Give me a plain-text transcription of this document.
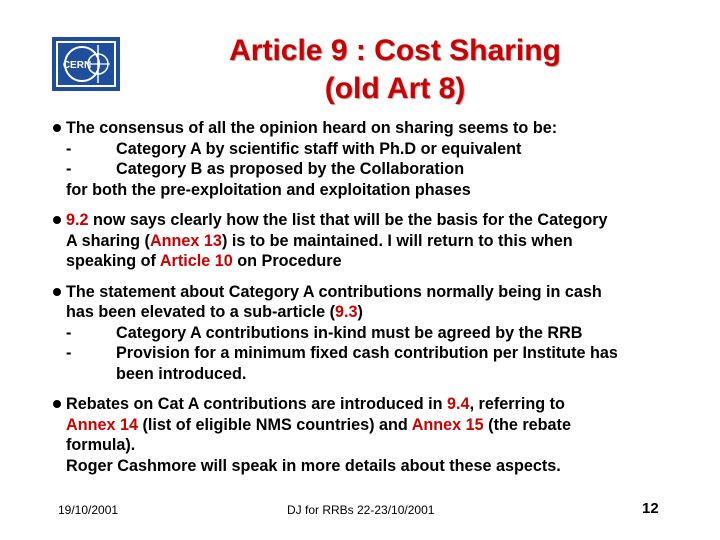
CERN	Article 9 : Cost Sharing
(old Art 8)
The consensus of all the opinion heard on sharing seems to be:
-	Category A by scientific staff with Ph.D or equivalent
-	Category B as proposed by the Collaboration
for both the pre-exploitation and exploitation phases
9.2 now says clearly how the list that will be the basis for the Category
A sharing (Annex 13) is to be maintained. I will return to this when
speaking of Article 10 on Procedure
The statement about Category A contributions normally being in cash
has been elevated to a sub-article (9.3)
-	Category A contributions in-kind must be agreed by the RRB
-	Provision for a minimum fixed cash contribution per Institute has
been introduced.
Rebates on Cat A contributions are introduced in 9.4, referring to
Annex 14 (list of eligible NMS countries) and Annex 15 (the rebate
formula).
Roger Cashmore will speak in more details about these aspects.
19/10/2001	DJ for RRBs 22-23/10/2001	12
